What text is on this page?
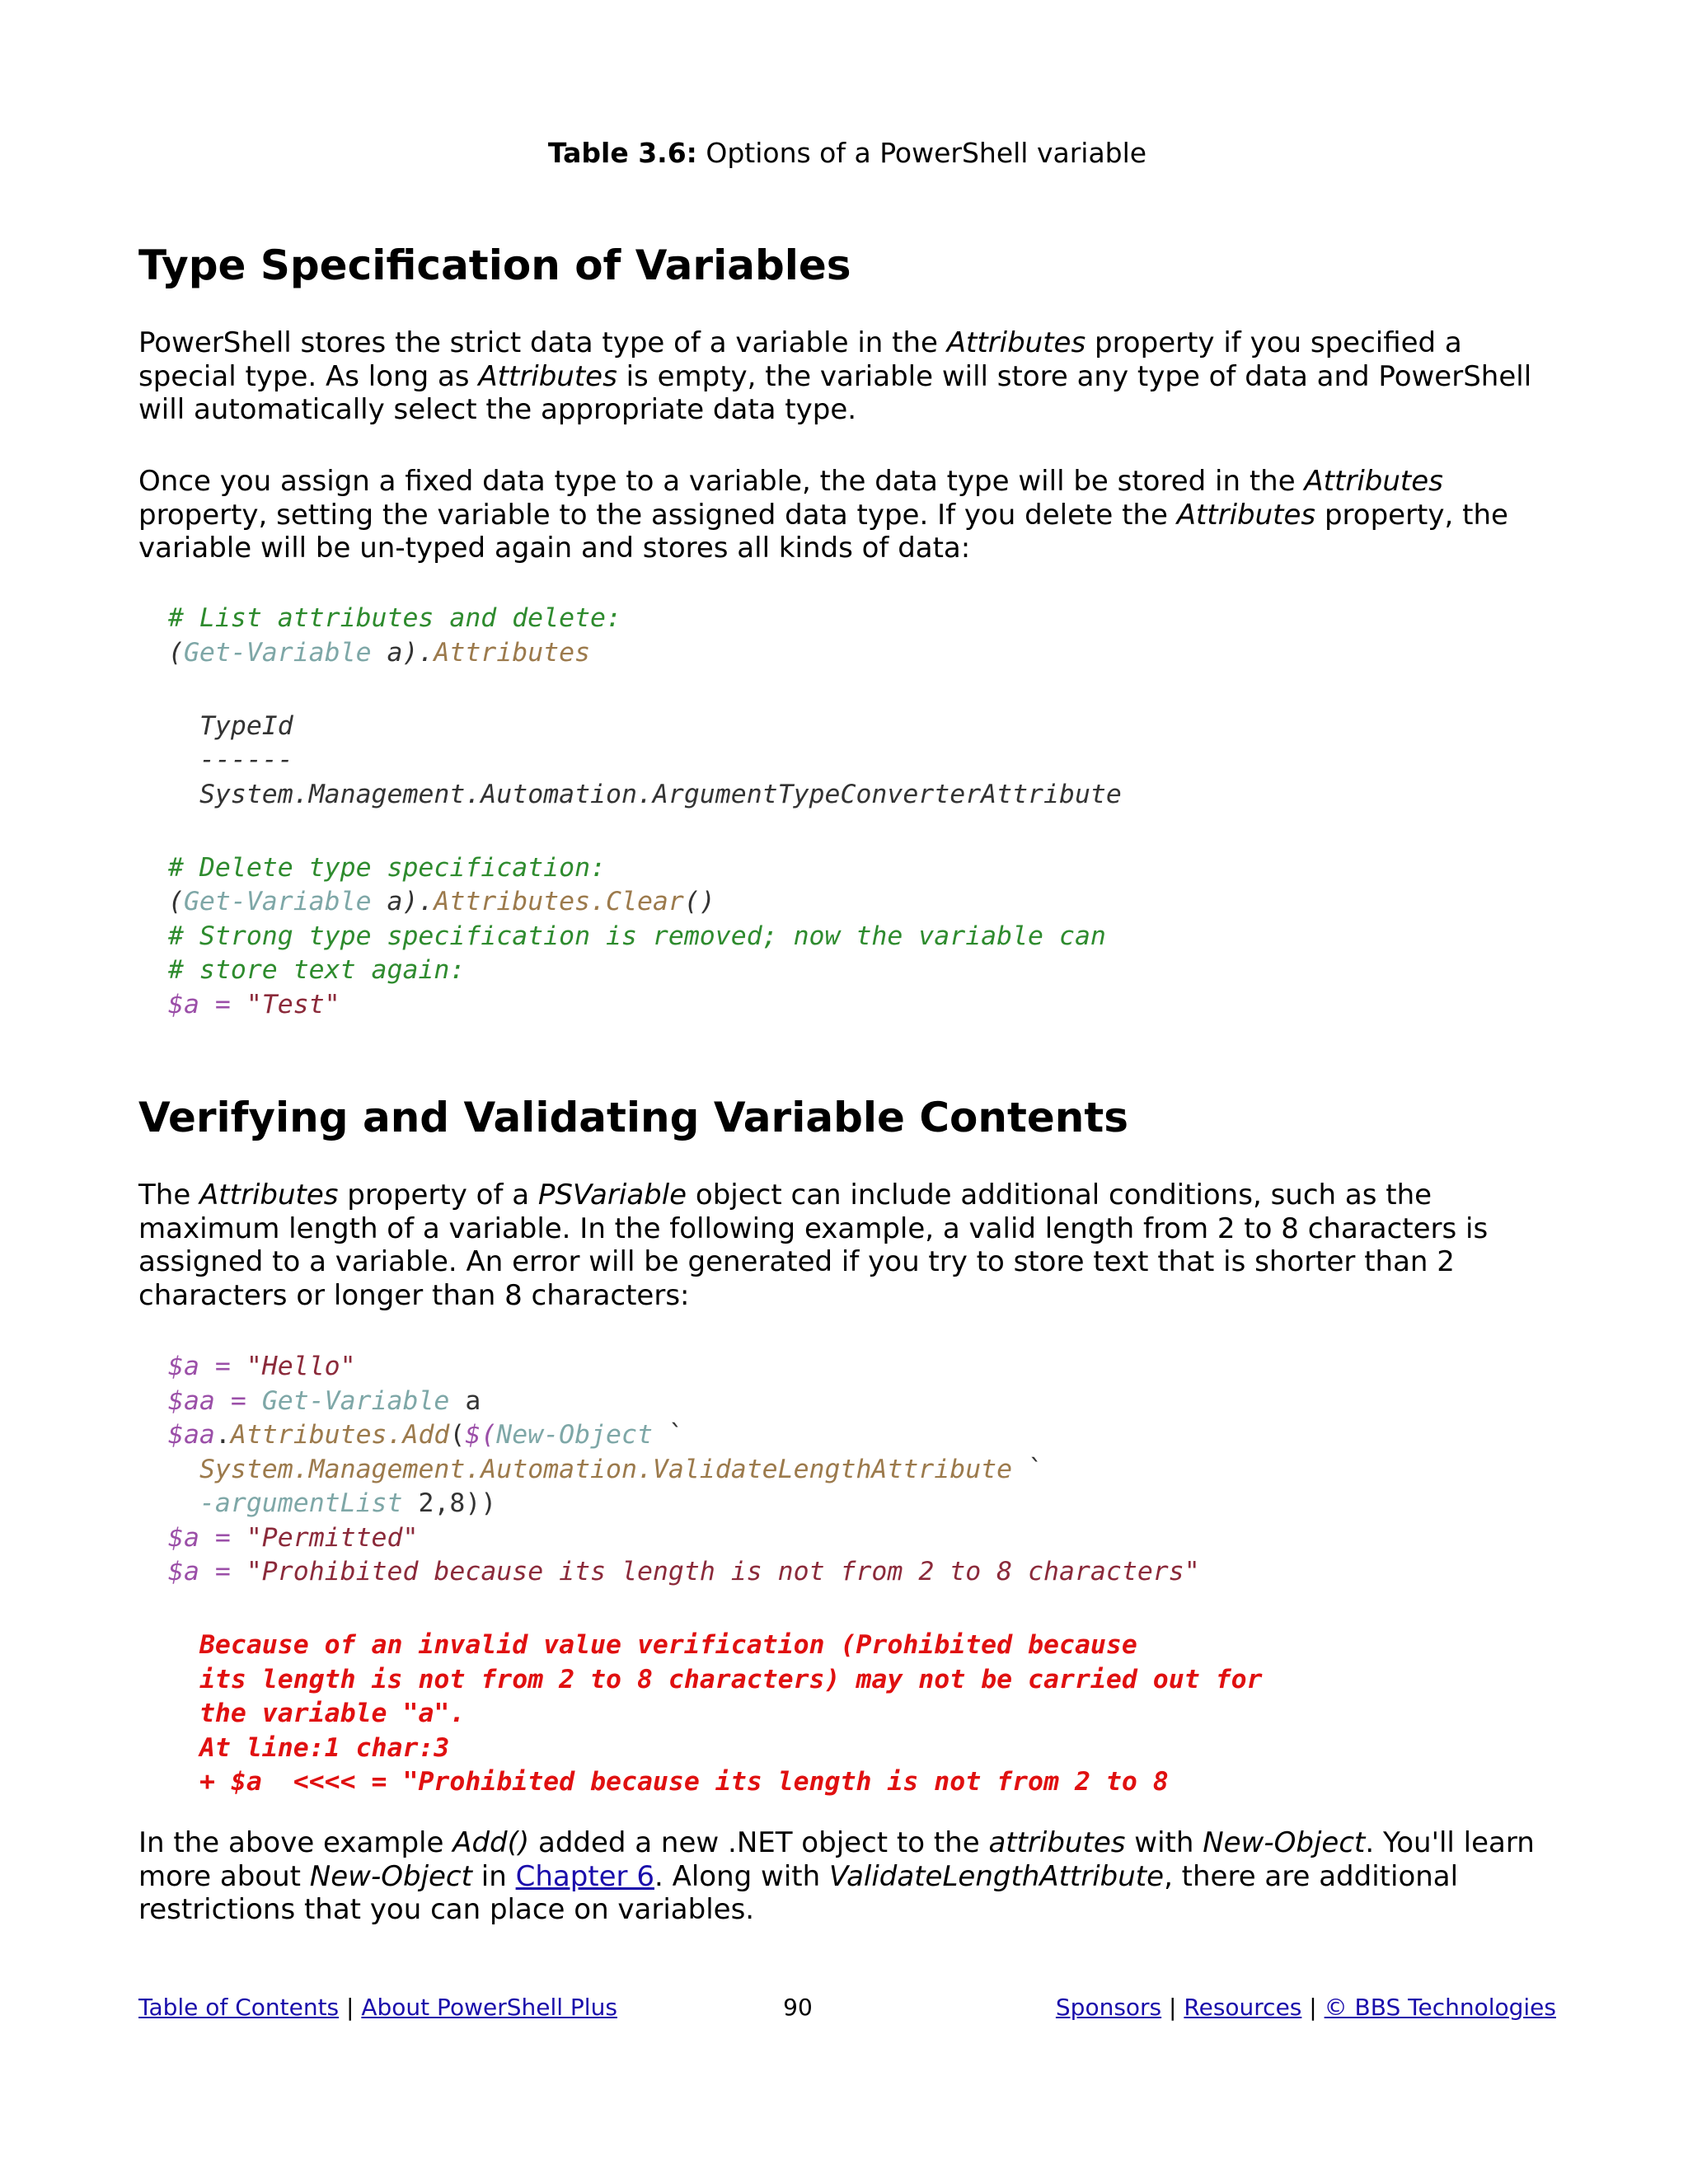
Table 3.6: Options of a PowerShell variable
Type Specification of Variables

PowerShell stores the strict data type of a variable in the Attributes property if you specified a special type. As long as Attributes is empty, the variable will store any type of data and PowerShell will automatically select the appropriate data type.

Once you assign a fixed data type to a variable, the data type will be stored in the Attributes property, setting the variable to the assigned data type. If you delete the Attributes property, the variable will be un-typed again and stores all kinds of data:

# List attributes and delete:
(Get-Variable a).Attributes

TypeId
------
System.Management.Automation.ArgumentTypeConverterAttribute

# Delete type specification:
(Get-Variable a).Attributes.Clear()
# Strong type specification is removed; now the variable can
# store text again:
$a = "Test"
Verifying and Validating Variable Contents

The Attributes property of a PSVariable object can include additional conditions, such as the maximum length of a variable. In the following example, a valid length from 2 to 8 characters is assigned to a variable. An error will be generated if you try to store text that is shorter than 2 characters or longer than 8 characters:

$a = "Hello"
$aa = Get-Variable a
$aa.Attributes.Add($(New-Object `
System.Management.Automation.ValidateLengthAttribute `
-argumentList 2,8))
$a = "Permitted"
$a = "Prohibited because its length is not from 2 to 8 characters"

Because of an invalid value verification (Prohibited because
its length is not from 2 to 8 characters) may not be carried out for
the variable "a".
At line:1 char:3
+ $a  <<<< = "Prohibited because its length is not from 2 to 8

In the above example Add() added a new .NET object to the attributes with New-Object. You'll learn more about New-Object in Chapter 6. Along with ValidateLengthAttribute, there are additional restrictions that you can place on variables.

Table of Contents | About PowerShell Plus	90	Sponsors | Resources | © BBS Technologies
